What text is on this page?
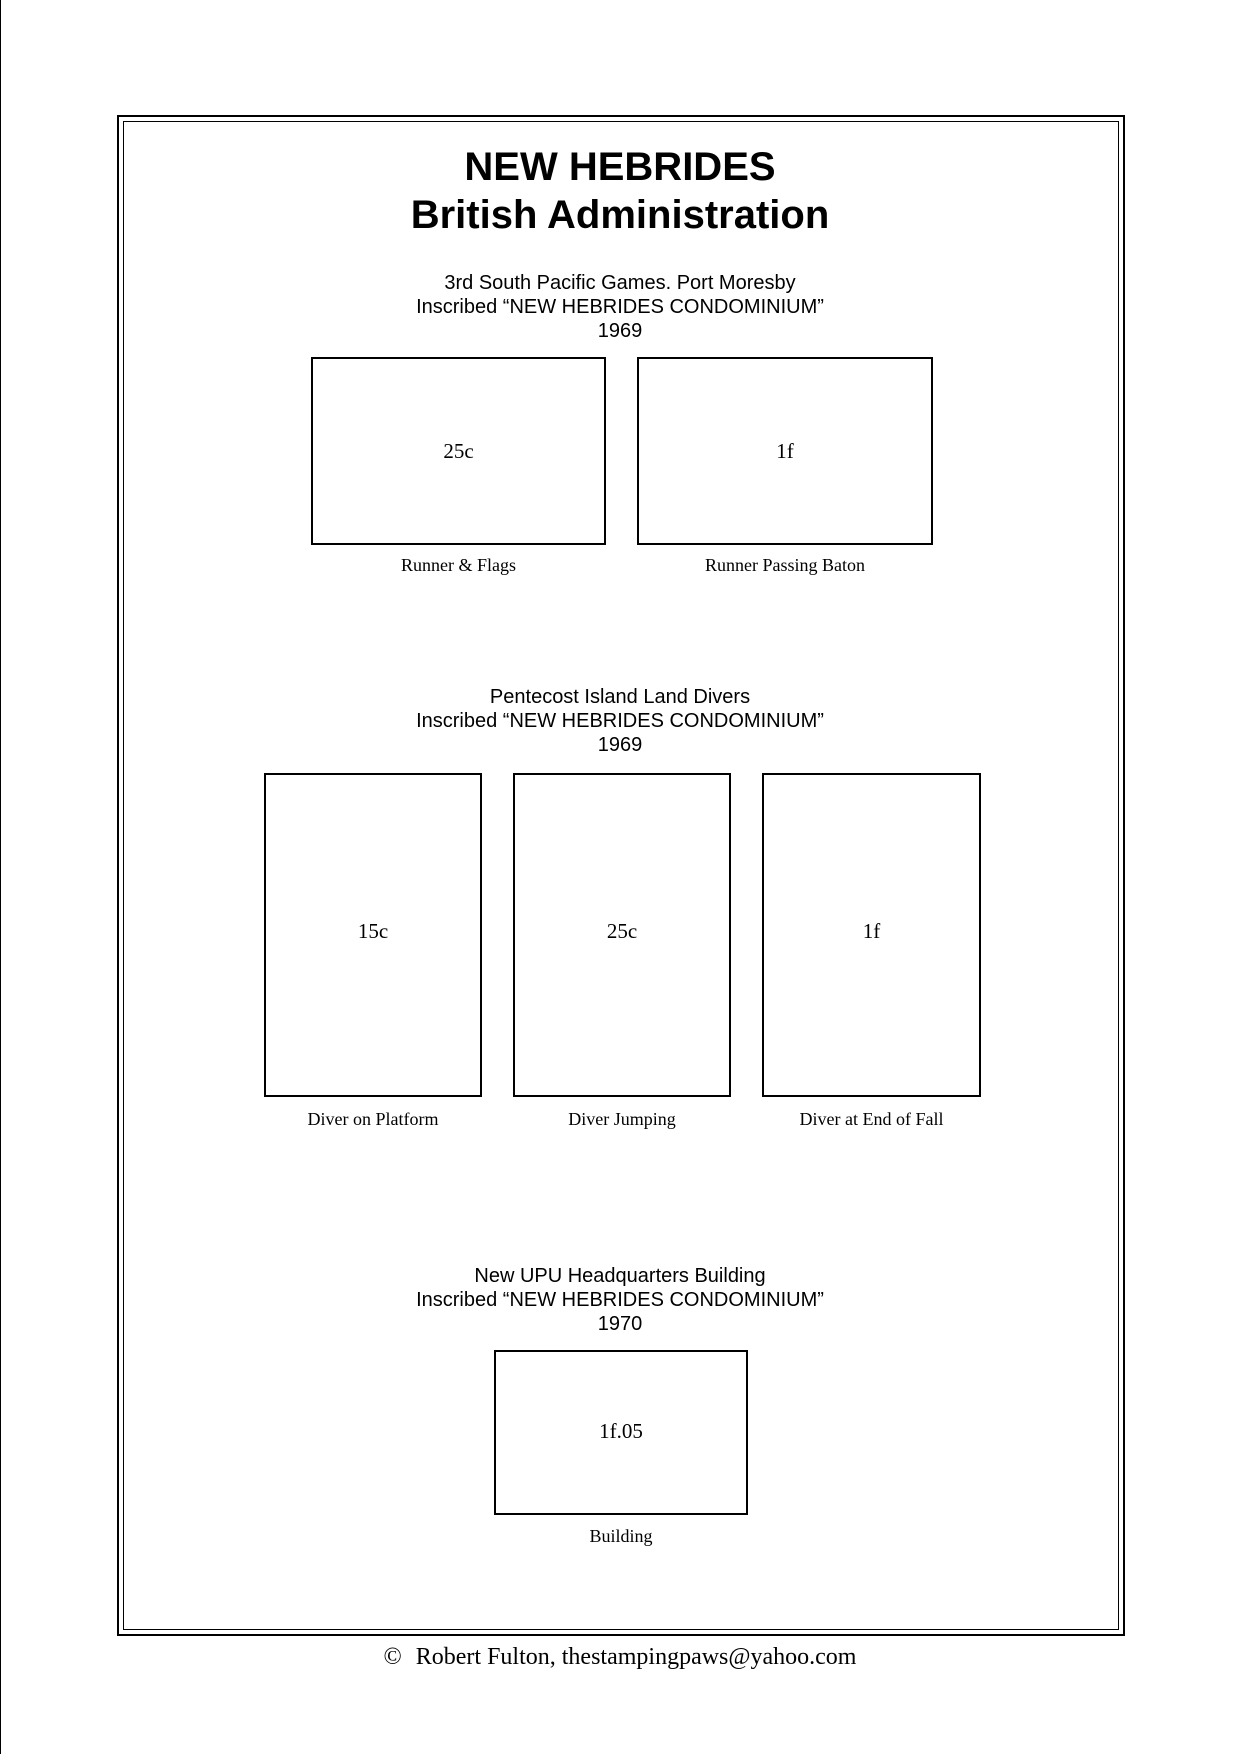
NEW HEBRIDES
British Administration
3rd South Pacific Games. Port Moresby
Inscribed “NEW HEBRIDES CONDOMINIUM”
1969
25c
Runner & Flags
1f
Runner Passing Baton
Pentecost Island Land Divers
Inscribed “NEW HEBRIDES CONDOMINIUM”
1969
15c
Diver on Platform
25c
Diver Jumping
1f
Diver at End of Fall
New UPU Headquarters Building
Inscribed “NEW HEBRIDES CONDOMINIUM”
1970
1f.05
Building
© Robert Fulton, thestampingpaws@yahoo.com
